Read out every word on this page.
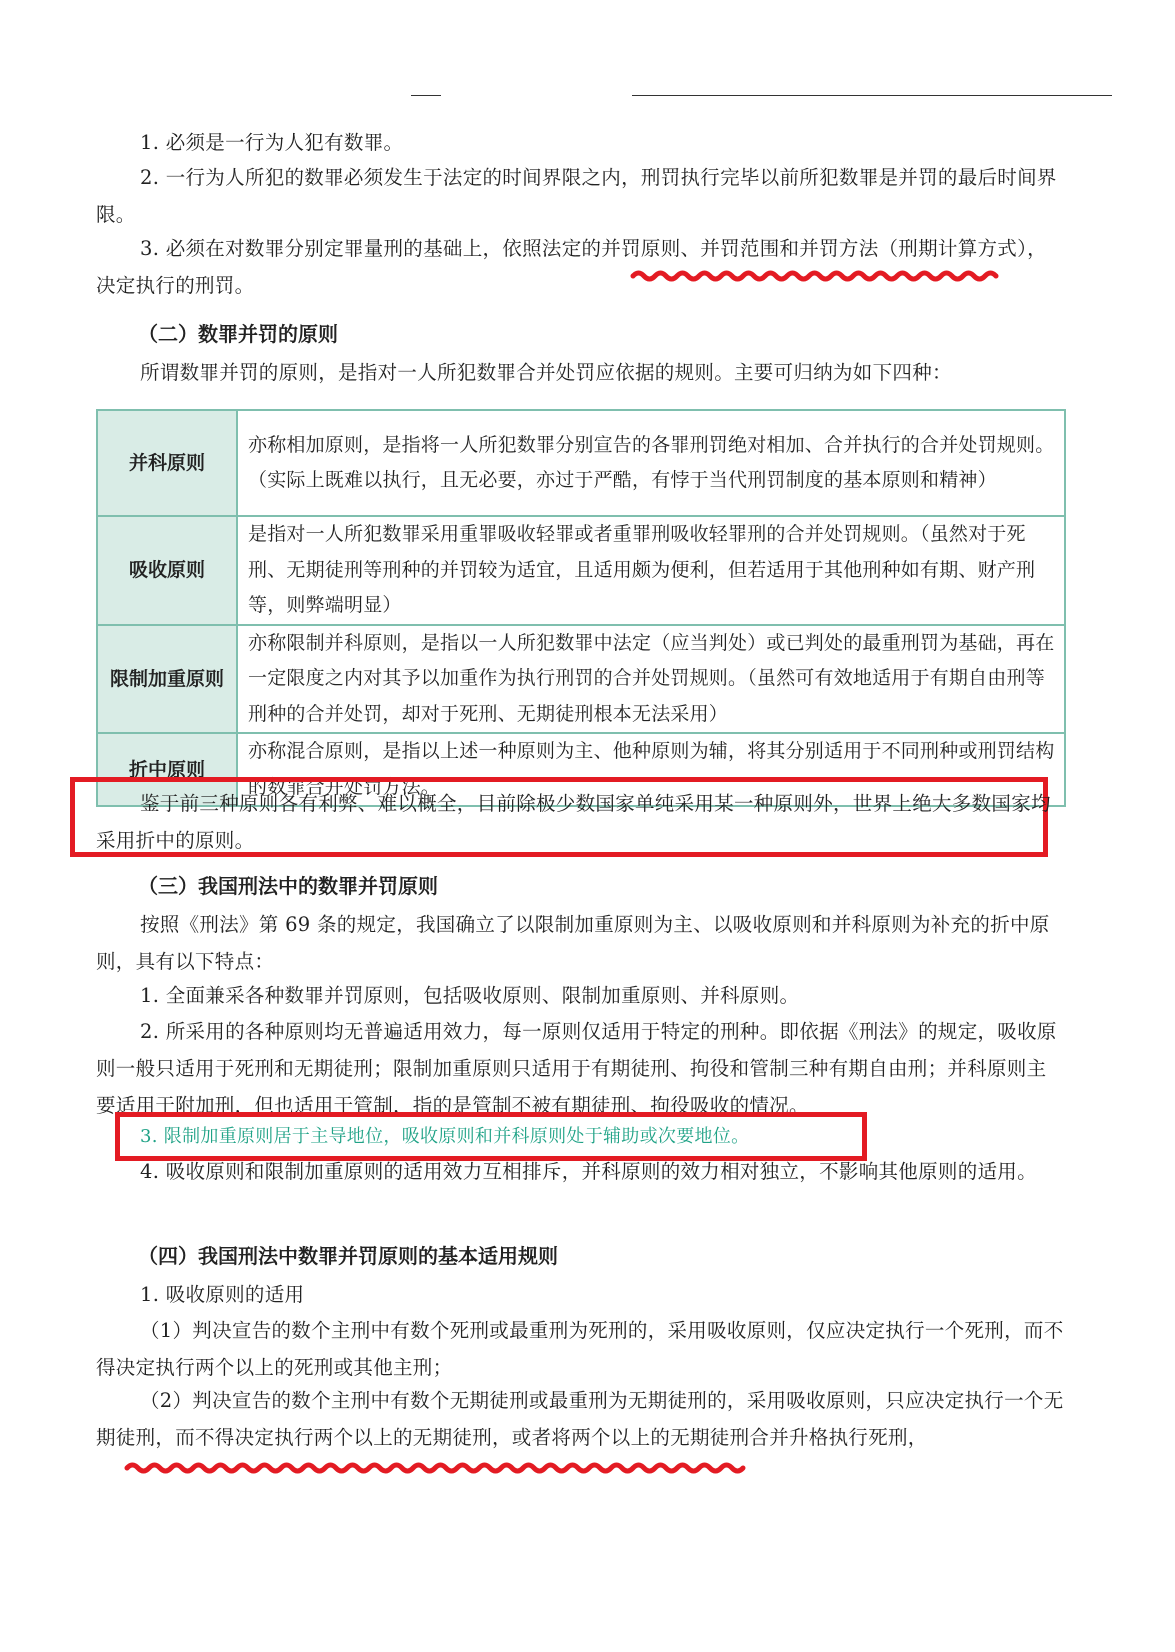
1. 必须是一行为人犯有数罪。

2. 一行为人所犯的数罪必须发生于法定的时间界限之内，刑罚执行完毕以前所犯数罪是并罚的最后时间界限。

3. 必须在对数罪分别定罪量刑的基础上，依照法定的并罚原则、并罚范围和并罚方法（刑期计算方式），决定执行的刑罚。

（二）数罪并罚的原则

所谓数罪并罚的原则，是指对一人所犯数罪合并处罚应依据的规则。主要可归纳为如下四种：

并科原则	亦称相加原则，是指将一人所犯数罪分别宣告的各罪刑罚绝对相加、合并执行的合并处罚规则。（实际上既难以执行，且无必要，亦过于严酷，有悖于当代刑罚制度的基本原则和精神）
吸收原则	是指对一人所犯数罪采用重罪吸收轻罪或者重罪刑吸收轻罪刑的合并处罚规则。（虽然对于死刑、无期徒刑等刑种的并罚较为适宜，且适用颇为便利，但若适用于其他刑种如有期、财产刑等，则弊端明显）
限制加重原则	亦称限制并科原则，是指以一人所犯数罪中法定（应当判处）或已判处的最重刑罚为基础，再在一定限度之内对其予以加重作为执行刑罚的合并处罚规则。（虽然可有效地适用于有期自由刑等刑种的合并处罚，却对于死刑、无期徒刑根本无法采用）
折中原则	亦称混合原则，是指以上述一种原则为主、他种原则为辅，将其分别适用于不同刑种或刑罚结构的数罪合并处罚方法。

鉴于前三种原则各有利弊、难以概全，目前除极少数国家单纯采用某一种原则外，世界上绝大多数国家均采用折中的原则。

（三）我国刑法中的数罪并罚原则

按照《刑法》第 69 条的规定，我国确立了以限制加重原则为主、以吸收原则和并科原则为补充的折中原则，具有以下特点：

1. 全面兼采各种数罪并罚原则，包括吸收原则、限制加重原则、并科原则。

2. 所采用的各种原则均无普遍适用效力，每一原则仅适用于特定的刑种。即依据《刑法》的规定，吸收原则一般只适用于死刑和无期徒刑；限制加重原则只适用于有期徒刑、拘役和管制三种有期自由刑；并科原则主要适用于附加刑，但也适用于管制，指的是管制不被有期徒刑、拘役吸收的情况。

3. 限制加重原则居于主导地位，吸收原则和并科原则处于辅助或次要地位。

4. 吸收原则和限制加重原则的适用效力互相排斥，并科原则的效力相对独立，不影响其他原则的适用。

（四）我国刑法中数罪并罚原则的基本适用规则

1. 吸收原则的适用

（1）判决宣告的数个主刑中有数个死刑或最重刑为死刑的，采用吸收原则，仅应决定执行一个死刑，而不得决定执行两个以上的死刑或其他主刑；

（2）判决宣告的数个主刑中有数个无期徒刑或最重刑为无期徒刑的，采用吸收原则，只应决定执行一个无期徒刑，而不得决定执行两个以上的无期徒刑，或者将两个以上的无期徒刑合并升格执行死刑，
